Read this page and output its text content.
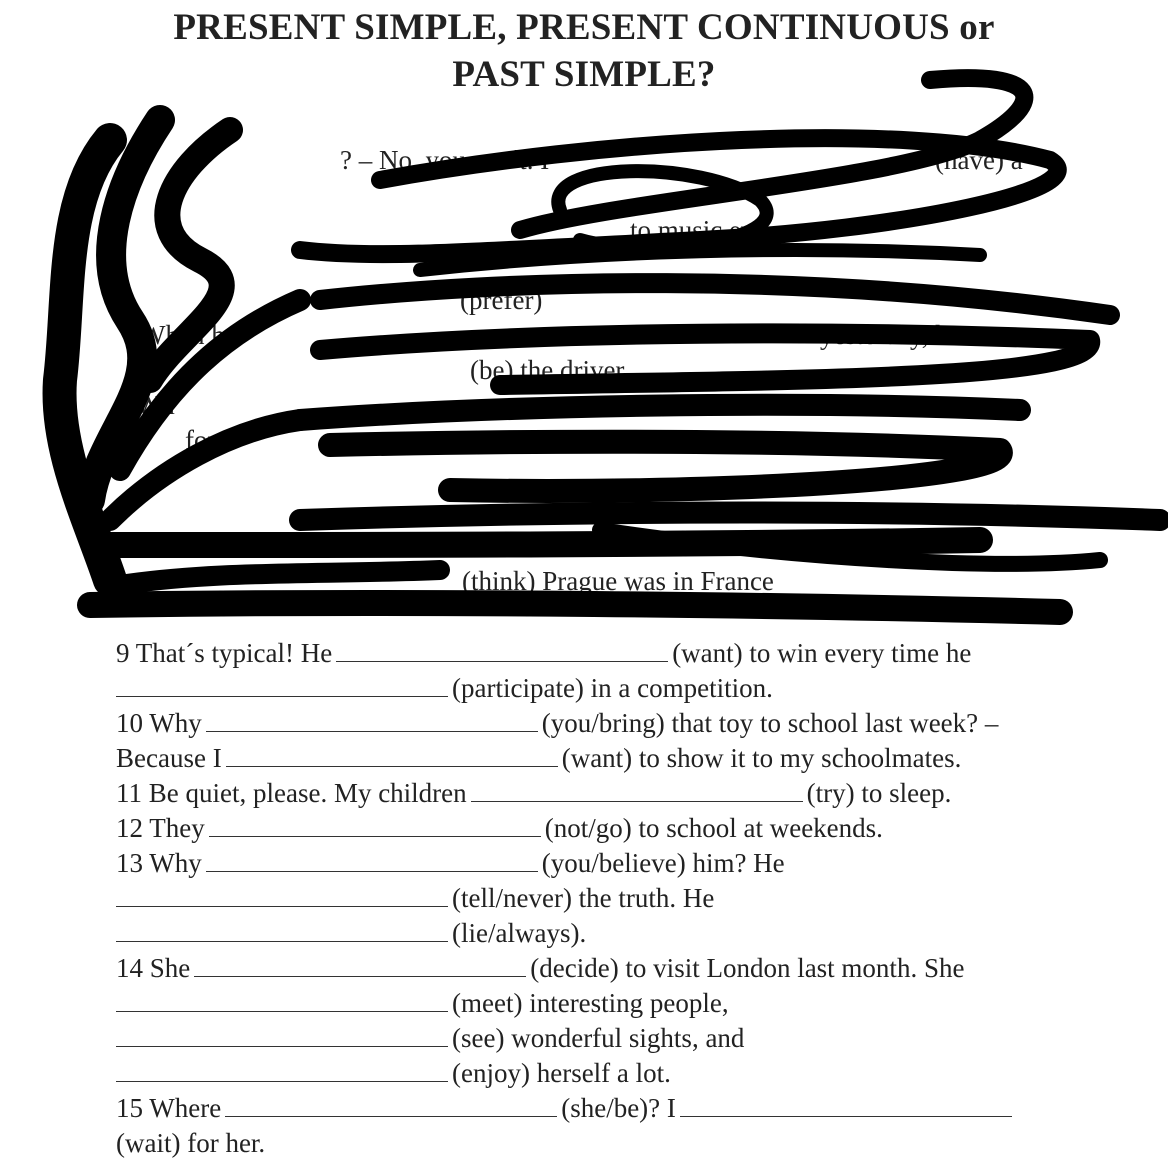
PRESENT SIMPLE, PRESENT CONTINUOUS or
PAST SIMPLE?
? – No, you can´t. I	(have) a
to music every m
(prefer)
When h	yesterday, he
(be) the driver
5 Wh
for
(think) Prague was in France
9 That´s typical! He	(want) to win every time he
(participate) in a competition.
10 Why	(you/bring) that toy to school last week? –
Because I	(want) to show it to my schoolmates.
11 Be quiet, please. My children	(try) to sleep.
12 They	(not/go) to school at weekends.
13 Why	(you/believe) him? He
(tell/never) the truth. He
(lie/always).
14 She	(decide) to visit London last month. She
(meet) interesting people,
(see) wonderful sights, and
(enjoy) herself a lot.
15 Where	(she/be)? I
(wait) for her.
